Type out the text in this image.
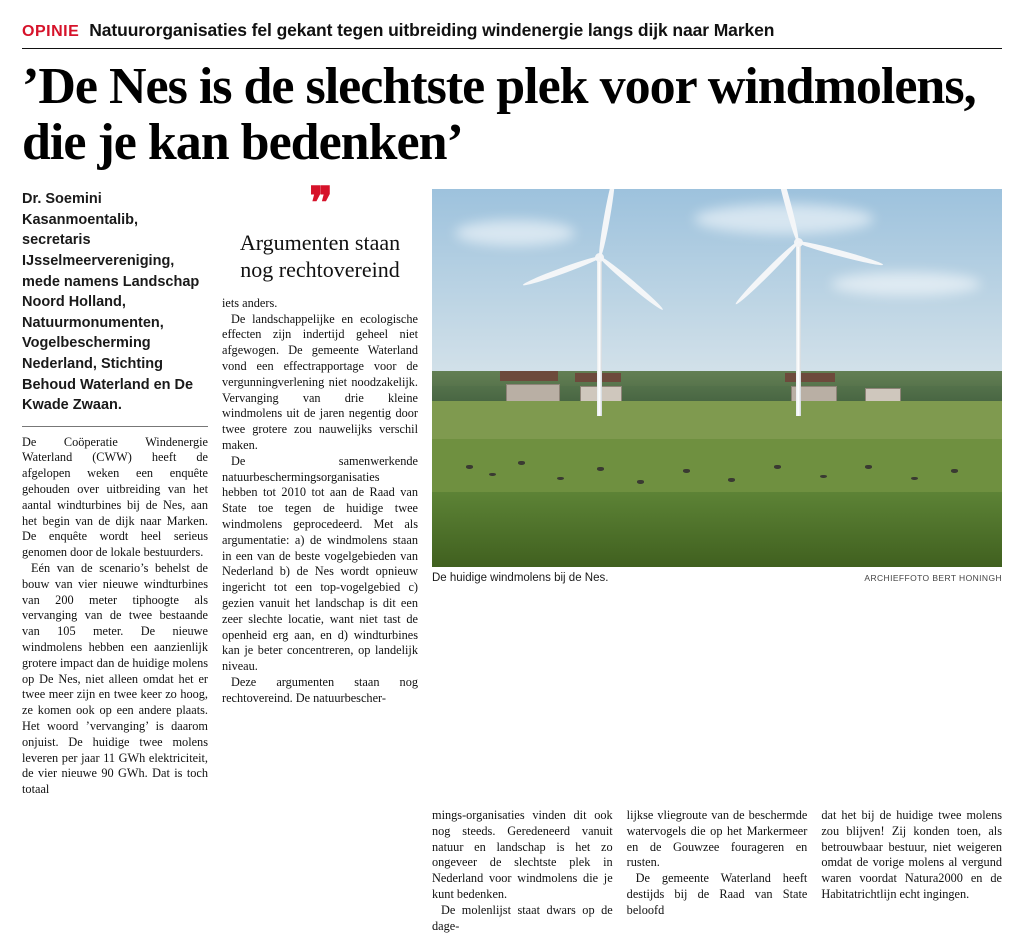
OPINIE Natuurorganisaties fel gekant tegen uitbreiding windenergie langs dijk naar Marken
’De Nes is de slechtste plek voor windmolens, die je kan bedenken’
Dr. Soemini Kasanmoentalib, secretaris IJsselmeervereniging, mede namens Landschap Noord Holland, Natuurmonumenten, Vogelbescherming Nederland, Stichting Behoud Waterland en De Kwade Zwaan.

De Coöperatie Windenergie Waterland (CWW) heeft de afgelopen weken een enquête gehouden over uitbreiding van het aantal windturbines bij de Nes, aan het begin van de dijk naar Marken. De enquête wordt heel serieus genomen door de lokale bestuurders.

Eén van de scenario’s behelst de bouw van vier nieuwe windturbines van 200 meter tiphoogte als vervanging van de twee bestaande van 105 meter. De nieuwe windmolens hebben een aanzienlijk grotere impact dan de huidige molens op De Nes, niet alleen omdat het er twee meer zijn en twee keer zo hoog, ze komen ook op een andere plaats. Het woord ’vervanging’ is daarom onjuist. De huidige twee molens leveren per jaar 11 GWh elektriciteit, de vier nieuwe 90 GWh. Dat is toch totaal

❞
Argumenten staan nog rechtovereind

iets anders.

De landschappelijke en ecologische effecten zijn indertijd geheel niet afgewogen. De gemeente Waterland vond een effectrapportage voor de vergunningverlening niet noodzakelijk. Vervanging van drie kleine windmolens uit de jaren negentig door twee grotere zou nauwelijks verschil maken.

De samenwerkende natuurbeschermingsorganisaties hebben tot 2010 tot aan de Raad van State toe tegen de huidige twee windmolens geprocedeerd. Met als argumentatie: a) de windmolens staan in een van de beste vogelgebieden van Nederland b) de Nes wordt opnieuw ingericht tot een top-vogelgebied c) gezien vanuit het landschap is dit een zeer slechte locatie, want niet tast de openheid erg aan, en d) windturbines kan je beter concentreren, op landelijk niveau.

Deze argumenten staan nog rechtovereind. De natuurbescher-

De huidige windmolens bij de Nes.	ARCHIEFFOTO BERT HONINGH

mings-organisaties vinden dit ook nog steeds. Geredeneerd vanuit natuur en landschap is het zo ongeveer de slechtste plek in Nederland voor windmolens die je kunt bedenken.

De molenlijst staat dwars op de dage-

lijkse vliegroute van de beschermde watervogels die op het Markermeer en de Gouwzee fourageren en rusten.

De gemeente Waterland heeft destijds bij de Raad van State beloofd

dat het bij de huidige twee molens zou blijven! Zij konden toen, als betrouwbaar bestuur, niet weigeren omdat de vorige molens al vergund waren voordat Natura2000 en de Habitatrichtlijn echt ingingen.
